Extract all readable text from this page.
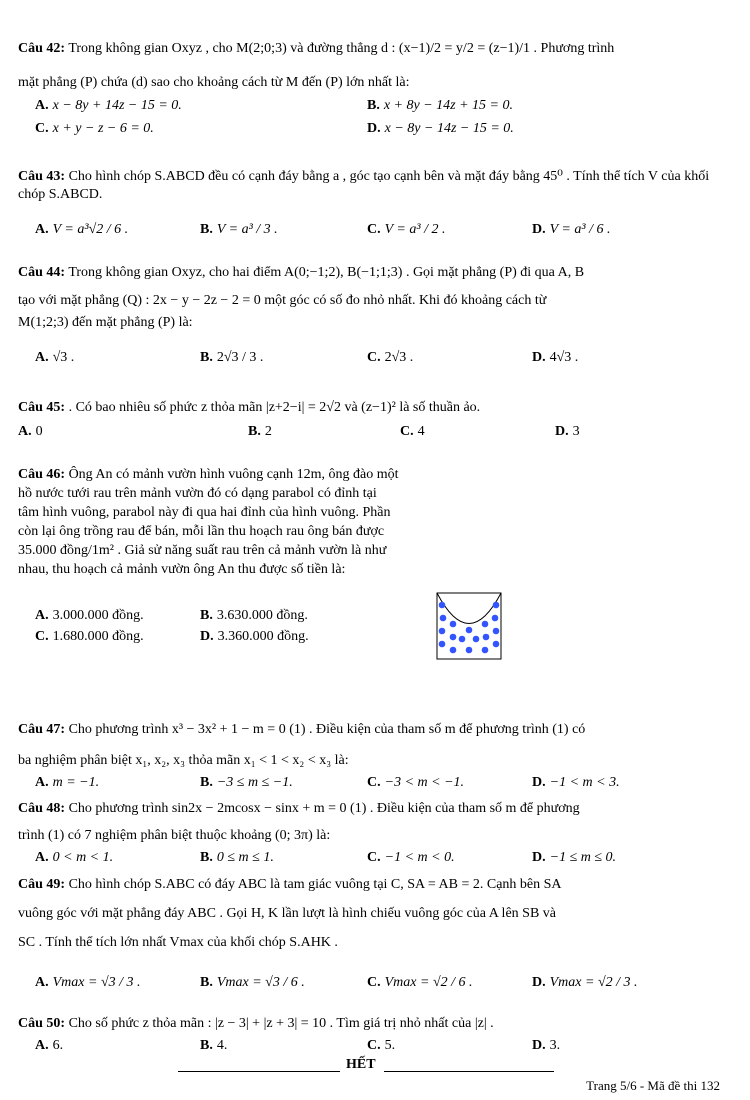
Câu 42: Trong không gian Oxyz , cho M(2;0;3) và đường thẳng d : (x−1)/2 = y/2 = (z−1)/1 . Phương trình
mặt phẳng (P) chứa (d) sao cho khoảng cách từ M đến (P) lớn nhất là:
A. x − 8y + 14z − 15 = 0.	B. x + 8y − 14z + 15 = 0.
C. x + y − z − 6 = 0.	D. x − 8y − 14z − 15 = 0.
Câu 43: Cho hình chóp S.ABCD đều có cạnh đáy bằng a , góc tạo cạnh bên và mặt đáy bằng 45⁰ . Tính thể tích V của khối chóp S.ABCD.
A. V = a³√2 / 6 .	B. V = a³ / 3 .	C. V = a³ / 2 .	D. V = a³ / 6 .
Câu 44: Trong không gian Oxyz, cho hai điểm A(0;−1;2), B(−1;1;3) . Gọi mặt phẳng (P) đi qua A, B
tạo với mặt phẳng (Q) : 2x − y − 2z − 2 = 0 một góc có số đo nhỏ nhất. Khi đó khoảng cách từ
M(1;2;3) đến mặt phẳng (P) là:
A. √3 .	B. 2√3 / 3 .	C. 2√3 .	D. 4√3 .
Câu 45: . Có bao nhiêu số phức z thỏa mãn |z+2−i| = 2√2 và (z−1)² là số thuần ảo.
A. 0	B. 2	C. 4	D. 3
Câu 46: Ông An có mảnh vườn hình vuông cạnh 12m, ông đào một hồ nước tưới rau trên mảnh vườn đó có dạng parabol có đỉnh tại tâm hình vuông, parabol này đi qua hai đỉnh của hình vuông. Phần còn lại ông trồng rau để bán, mỗi lần thu hoạch rau ông bán được 35.000 đồng/1m² . Giả sử năng suất rau trên cả mảnh vườn là như nhau, thu hoạch cả mảnh vườn ông An thu được số tiền là:
A. 3.000.000 đồng.	B. 3.630.000 đồng.
C. 1.680.000 đồng.	D. 3.360.000 đồng.
Câu 47: Cho phương trình x³ − 3x² + 1 − m = 0 (1) . Điều kiện của tham số m để phương trình (1) có
ba nghiệm phân biệt x₁, x₂, x₃ thỏa mãn x₁ < 1 < x₂ < x₃ là:
A. m = −1.	B. −3 ≤ m ≤ −1.	C. −3 < m < −1.	D. −1 < m < 3.
Câu 48: Cho phương trình sin2x − 2mcosx − sinx + m = 0 (1) . Điều kiện của tham số m để phương
trình (1) có 7 nghiệm phân biệt thuộc khoảng (0; 3π) là:
A. 0 < m < 1.	B. 0 ≤ m ≤ 1.	C. −1 < m < 0.	D. −1 ≤ m ≤ 0.
Câu 49: Cho hình chóp S.ABC có đáy ABC là tam giác vuông tại C, SA = AB = 2. Cạnh bên SA
vuông góc với mặt phẳng đáy ABC . Gọi H, K lần lượt là hình chiếu vuông góc của A lên SB và
SC . Tính thể tích lớn nhất Vmax của khối chóp S.AHK .
A. Vmax = √3 / 3 .	B. Vmax = √3 / 6 .	C. Vmax = √2 / 6 .	D. Vmax = √2 / 3 .
Câu 50: Cho số phức z thỏa mãn : |z − 3| + |z + 3| = 10 . Tìm giá trị nhỏ nhất của |z| .
A. 6.	B. 4.	C. 5.	D. 3.
HẾT
Trang 5/6 - Mã đề thi 132
